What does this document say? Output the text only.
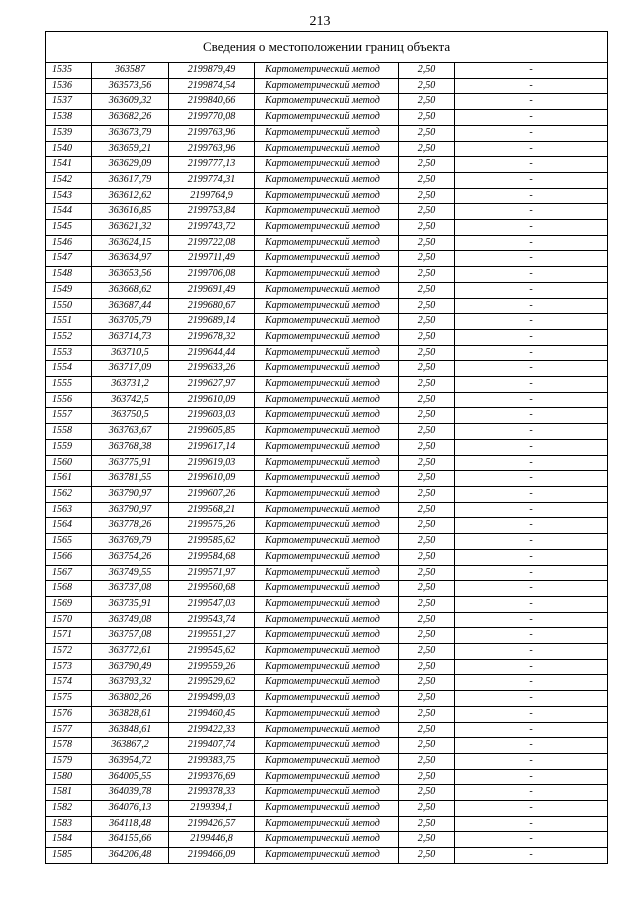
213
Сведения о местоположении границ объекта					
1535	363587	2199879,49	Картометрический метод	2,50	-
1536	363573,56	2199874,54	Картометрический метод	2,50	-
1537	363609,32	2199840,66	Картометрический метод	2,50	-
1538	363682,26	2199770,08	Картометрический метод	2,50	-
1539	363673,79	2199763,96	Картометрический метод	2,50	-
1540	363659,21	2199763,96	Картометрический метод	2,50	-
1541	363629,09	2199777,13	Картометрический метод	2,50	-
1542	363617,79	2199774,31	Картометрический метод	2,50	-
1543	363612,62	2199764,9	Картометрический метод	2,50	-
1544	363616,85	2199753,84	Картометрический метод	2,50	-
1545	363621,32	2199743,72	Картометрический метод	2,50	-
1546	363624,15	2199722,08	Картометрический метод	2,50	-
1547	363634,97	2199711,49	Картометрический метод	2,50	-
1548	363653,56	2199706,08	Картометрический метод	2,50	-
1549	363668,62	2199691,49	Картометрический метод	2,50	-
1550	363687,44	2199680,67	Картометрический метод	2,50	-
1551	363705,79	2199689,14	Картометрический метод	2,50	-
1552	363714,73	2199678,32	Картометрический метод	2,50	-
1553	363710,5	2199644,44	Картометрический метод	2,50	-
1554	363717,09	2199633,26	Картометрический метод	2,50	-
1555	363731,2	2199627,97	Картометрический метод	2,50	-
1556	363742,5	2199610,09	Картометрический метод	2,50	-
1557	363750,5	2199603,03	Картометрический метод	2,50	-
1558	363763,67	2199605,85	Картометрический метод	2,50	-
1559	363768,38	2199617,14	Картометрический метод	2,50	-
1560	363775,91	2199619,03	Картометрический метод	2,50	-
1561	363781,55	2199610,09	Картометрический метод	2,50	-
1562	363790,97	2199607,26	Картометрический метод	2,50	-
1563	363790,97	2199568,21	Картометрический метод	2,50	-
1564	363778,26	2199575,26	Картометрический метод	2,50	-
1565	363769,79	2199585,62	Картометрический метод	2,50	-
1566	363754,26	2199584,68	Картометрический метод	2,50	-
1567	363749,55	2199571,97	Картометрический метод	2,50	-
1568	363737,08	2199560,68	Картометрический метод	2,50	-
1569	363735,91	2199547,03	Картометрический метод	2,50	-
1570	363749,08	2199543,74	Картометрический метод	2,50	-
1571	363757,08	2199551,27	Картометрический метод	2,50	-
1572	363772,61	2199545,62	Картометрический метод	2,50	-
1573	363790,49	2199559,26	Картометрический метод	2,50	-
1574	363793,32	2199529,62	Картометрический метод	2,50	-
1575	363802,26	2199499,03	Картометрический метод	2,50	-
1576	363828,61	2199460,45	Картометрический метод	2,50	-
1577	363848,61	2199422,33	Картометрический метод	2,50	-
1578	363867,2	2199407,74	Картометрический метод	2,50	-
1579	363954,72	2199383,75	Картометрический метод	2,50	-
1580	364005,55	2199376,69	Картометрический метод	2,50	-
1581	364039,78	2199378,33	Картометрический метод	2,50	-
1582	364076,13	2199394,1	Картометрический метод	2,50	-
1583	364118,48	2199426,57	Картометрический метод	2,50	-
1584	364155,66	2199446,8	Картометрический метод	2,50	-
1585	364206,48	2199466,09	Картометрический метод	2,50	-
